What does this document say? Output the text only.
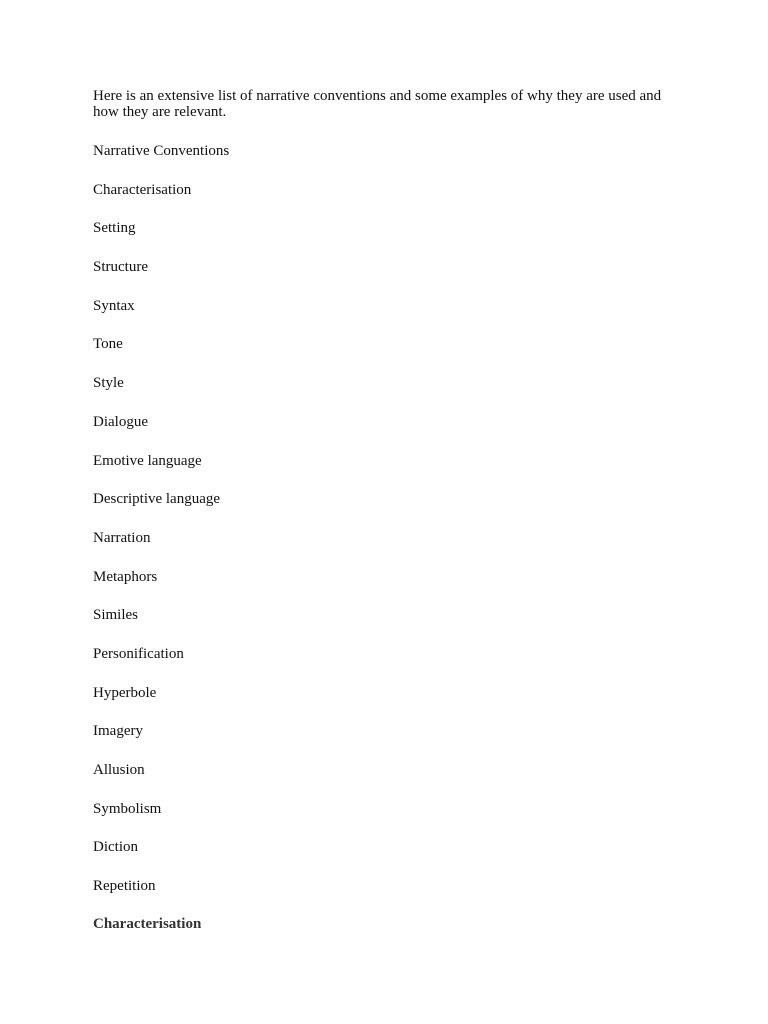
Here is an extensive list of narrative conventions and some examples of why they are used and how they are relevant.

Narrative Conventions
Characterisation
Setting
Structure
Syntax
Tone
Style
Dialogue
Emotive language
Descriptive language
Narration
Metaphors
Similes
Personification
Hyperbole
Imagery
Allusion
Symbolism
Diction
Repetition
Characterisation
